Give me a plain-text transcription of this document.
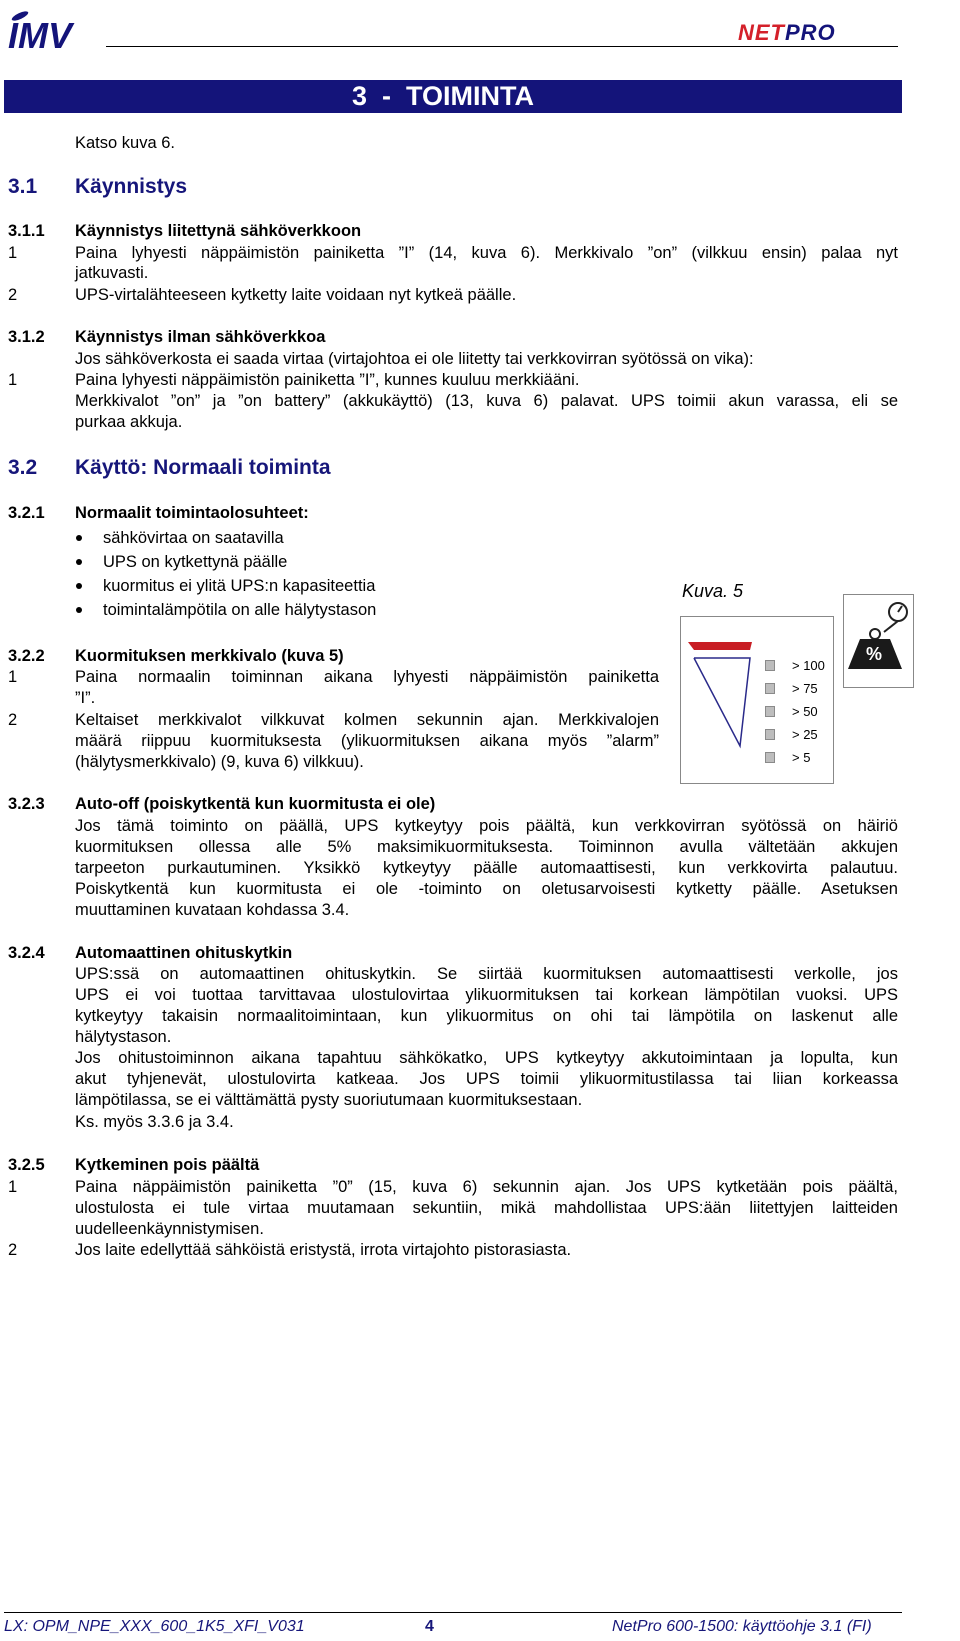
IMV	NETPRO
3  -  TOIMINTA
Katso kuva 6.
3.1 Käynnistys
3.1.1 Käynnistys liitettynä sähköverkkoon
1	Paina lyhyesti näppäimistön painiketta ”I” (14, kuva 6). Merkkivalo ”on” (vilkkuu ensin) palaa nyt
jatkuvasti.
2	UPS-virtalähteeseen kytketty laite voidaan nyt kytkeä päälle.
3.1.2 Käynnistys ilman sähköverkkoa
Jos sähköverkosta ei saada virtaa (virtajohtoa ei ole liitetty tai verkkovirran syötössä on vika):
1	Paina lyhyesti näppäimistön painiketta ”I”, kunnes kuuluu merkkiääni.
Merkkivalot ”on” ja ”on battery” (akkukäyttö) (13, kuva 6) palavat. UPS toimii akun varassa, eli se
purkaa akkuja.
3.2 Käyttö: Normaali toiminta
3.2.1 Normaalit toimintaolosuhteet:
sähkövirtaa on saatavilla
UPS on kytkettynä päälle
kuormitus ei ylitä UPS:n kapasiteettia
toimintalämpötila on alle hälytystason
Kuva. 5
%
> 100
> 75
> 50
> 25
> 5
3.2.2 Kuormituksen merkkivalo (kuva 5)
1	Paina normaalin toiminnan aikana lyhyesti näppäimistön painiketta
”I”.
2	Keltaiset merkkivalot vilkkuvat kolmen sekunnin ajan. Merkkivalojen
määrä riippuu kuormituksesta (ylikuormituksen aikana myös ”alarm”
(hälytysmerkkivalo) (9, kuva 6) vilkkuu).
3.2.3 Auto-off (poiskytkentä kun kuormitusta ei ole)
Jos tämä toiminto on päällä, UPS kytkeytyy pois päältä, kun verkkovirran syötössä on häiriö
kuormituksen ollessa alle 5% maksimikuormituksesta. Toiminnon avulla vältetään akkujen
tarpeeton purkautuminen. Yksikkö kytkeytyy päälle automaattisesti, kun verkkovirta palautuu.
Poiskytkentä kun kuormitusta ei ole -toiminto on oletusarvoisesti kytketty päälle. Asetuksen
muuttaminen kuvataan kohdassa 3.4.
3.2.4 Automaattinen ohituskytkin
UPS:ssä on automaattinen ohituskytkin. Se siirtää kuormituksen automaattisesti verkolle, jos
UPS ei voi tuottaa tarvittavaa ulostulovirtaa ylikuormituksen tai korkean lämpötilan vuoksi. UPS
kytkeytyy takaisin normaalitoimintaan, kun ylikuormitus on ohi tai lämpötila on laskenut alle
hälytystason.
Jos ohitustoiminnon aikana tapahtuu sähkökatko, UPS kytkeytyy akkutoimintaan ja lopulta, kun
akut tyhjenevät, ulostulovirta katkeaa. Jos UPS toimii ylikuormitustilassa tai liian korkeassa
lämpötilassa, se ei välttämättä pysty suoriutumaan kuormituksestaan.
Ks. myös 3.3.6 ja 3.4.
3.2.5 Kytkeminen pois päältä
1	Paina näppäimistön painiketta ”0” (15, kuva 6) sekunnin ajan. Jos UPS kytketään pois päältä,
ulostulosta ei tule virtaa muutamaan sekuntiin, mikä mahdollistaa UPS:ään liitettyjen laitteiden
uudelleenkäynnistymisen.
2	Jos laite edellyttää sähköistä eristystä, irrota virtajohto pistorasiasta.
LX: OPM_NPE_XXX_600_1K5_XFI_V031	4	NetPro 600-1500: käyttöohje 3.1 (FI)
